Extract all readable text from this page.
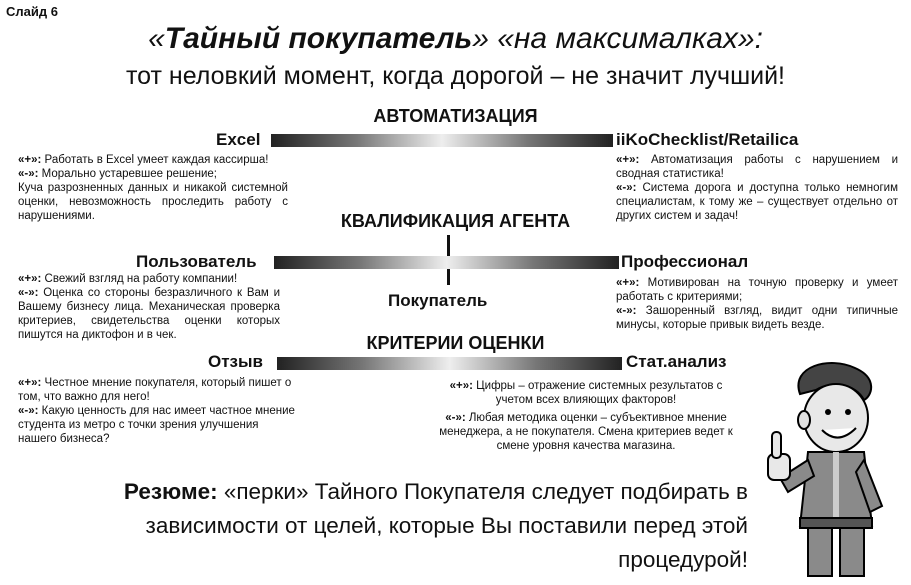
Слайд 6
«Тайный покупатель» «на максималках»:
тот неловкий момент, когда дорогой – не значит лучший!
АВТОМАТИЗАЦИЯ
Excel	iiKoChecklist/Retailica

«+»: Работать в Excel умеет каждая кассирша!

«-»: Морально устаревшее решение;

Куча разрозненных данных и никакой системной оценки, невозможность проследить работу с нарушениями.

«+»: Автоматизация работы с нарушением и сводная статистика!

«-»: Система дорога и доступна только немногим специалистам, к тому же – существует отдельно от других систем и задач!

КВАЛИФИКАЦИЯ АГЕНТА
Пользователь	Профессионал
Покупатель

«+»: Свежий взгляд на работу компании!

«-»: Оценка со стороны безразличного к Вам и Вашему бизнесу лица. Механическая проверка критериев, свидетельства оценки которых пишутся на диктофон и в чек.

«+»: Мотивирован на точную проверку и умеет работать с критериями;

«-»: Зашоренный взгляд, видит одни типичные минусы, которые привык видеть везде.

КРИТЕРИИ ОЦЕНКИ
Отзыв	Стат.анализ

«+»: Честное мнение покупателя, который пишет о том, что важно для него!

«-»: Какую ценность для нас имеет частное мнение студента из метро с точки зрения улучшения нашего бизнеса?

«+»: Цифры – отражение системных результатов с учетом всех влияющих факторов!

«-»: Любая методика оценки – субъективное мнение менеджера, а не покупателя. Смена критериев ведет к смене уровня качества магазина.

Резюме: «перки» Тайного Покупателя следует подбирать в зависимости от целей, которые Вы поставили перед этой процедурой!
